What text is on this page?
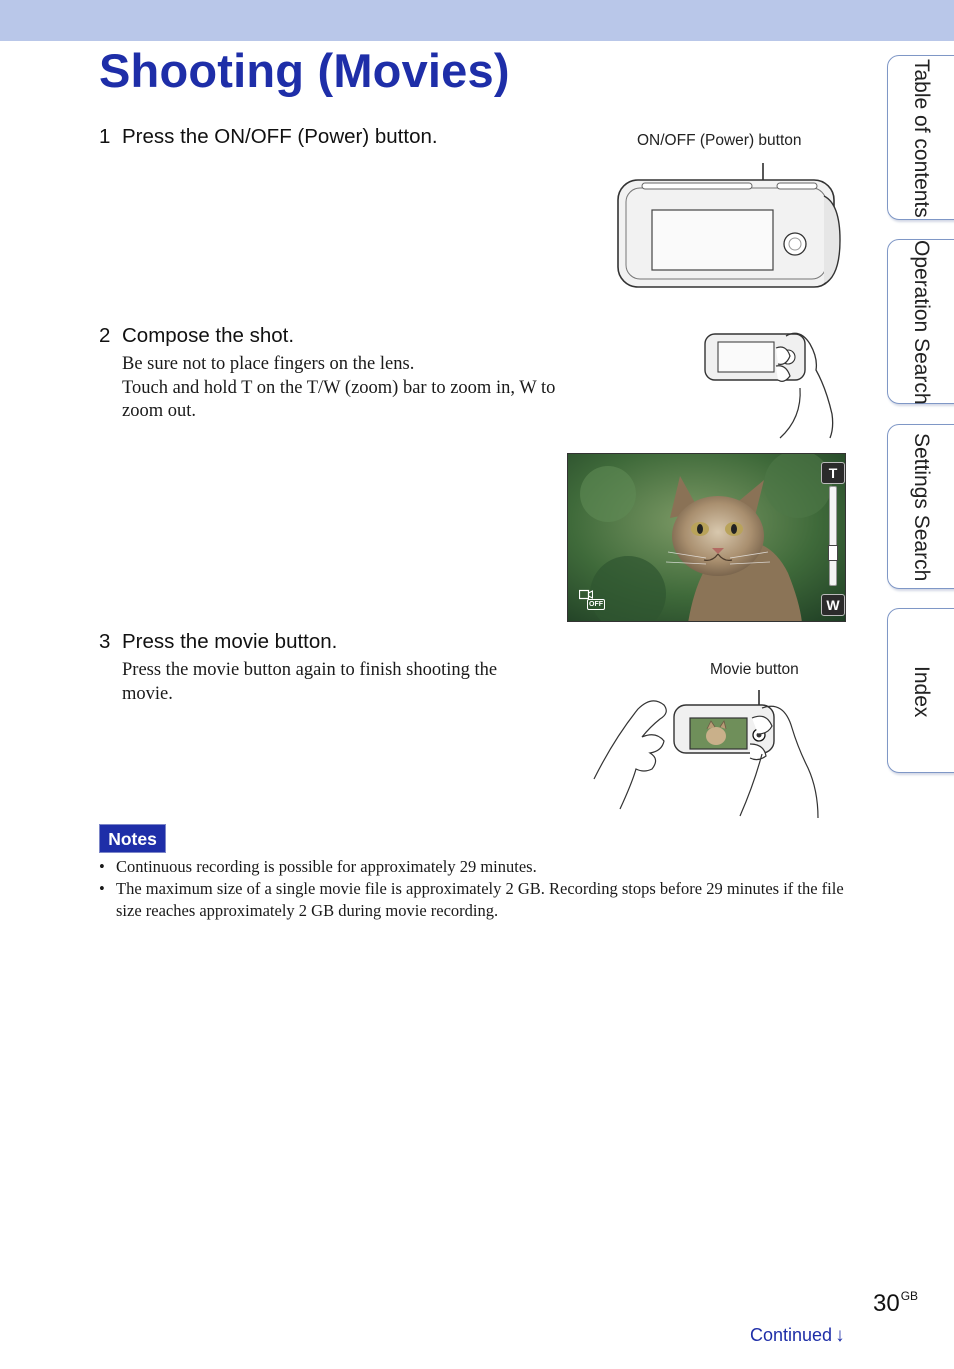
Shooting (Movies)
1 Press the ON/OFF (Power) button.	ON/OFF (Power) button
2 Compose the shot.

Be sure not to place fingers on the lens.

Touch and hold T on the T/W (zoom) bar to zoom in, W to zoom out.

T
W
OFF
3 Press the movie button.

Press the movie button again to finish shooting the movie.

Movie button
Notes
• Continuous recording is possible for approximately 29 minutes.
• The maximum size of a single movie file is approximately 2 GB. Recording stops before 29 minutes if the file size reaches approximately 2 GB during movie recording.
Table of contents
Operation Search
Settings Search
Index
$30^{GB}$
Continued ↓
